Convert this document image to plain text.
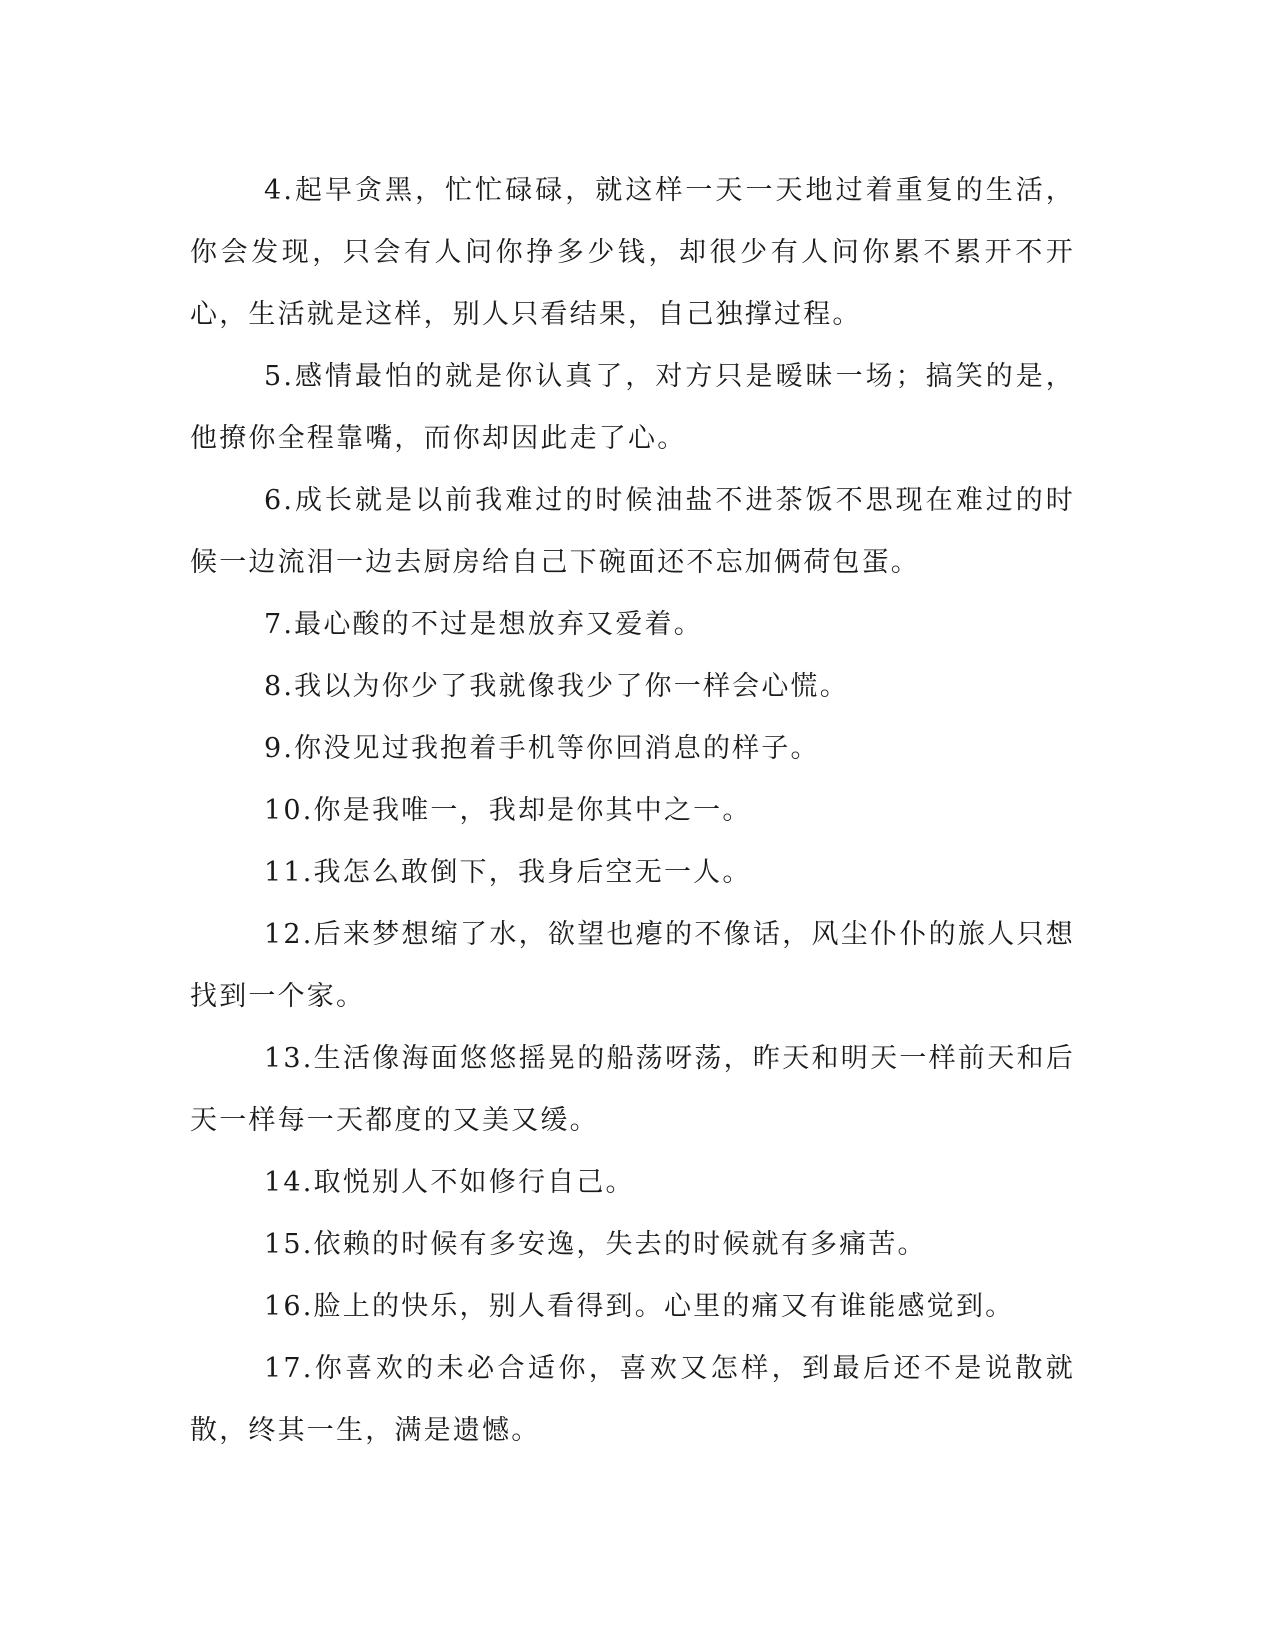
4.起早贪黑，忙忙碌碌，就这样一天一天地过着重复的生活，你会发现，只会有人问你挣多少钱，却很少有人问你累不累开不开心，生活就是这样，别人只看结果，自己独撑过程。

5.感情最怕的就是你认真了，对方只是暧昧一场；搞笑的是，他撩你全程靠嘴，而你却因此走了心。

6.成长就是以前我难过的时候油盐不进茶饭不思现在难过的时候一边流泪一边去厨房给自己下碗面还不忘加俩荷包蛋。

7.最心酸的不过是想放弃又爱着。

8.我以为你少了我就像我少了你一样会心慌。

9.你没见过我抱着手机等你回消息的样子。

10.你是我唯一，我却是你其中之一。

11.我怎么敢倒下，我身后空无一人。

12.后来梦想缩了水，欲望也瘪的不像话，风尘仆仆的旅人只想找到一个家。

13.生活像海面悠悠摇晃的船荡呀荡，昨天和明天一样前天和后天一样每一天都度的又美又缓。

14.取悦别人不如修行自己。

15.依赖的时候有多安逸，失去的时候就有多痛苦。

16.脸上的快乐，别人看得到。心里的痛又有谁能感觉到。

17.你喜欢的未必合适你，喜欢又怎样，到最后还不是说散就散，终其一生，满是遗憾。
